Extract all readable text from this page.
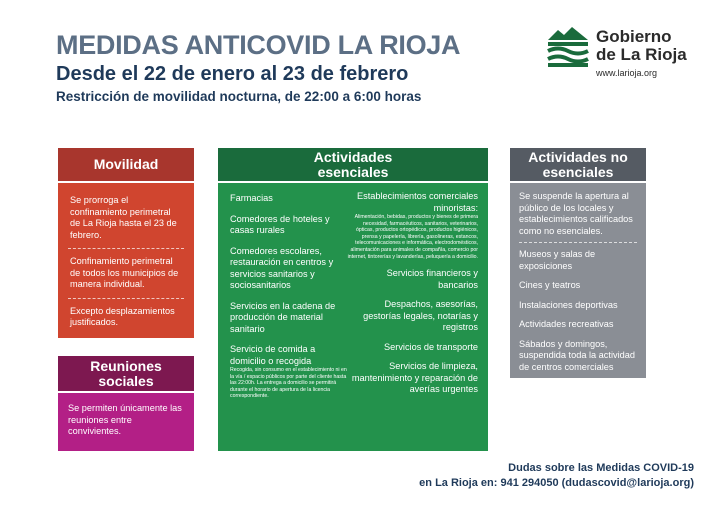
MEDIDAS ANTICOVID LA RIOJA
Desde el 22 de enero al 23 de febrero
Restricción de movilidad nocturna, de 22:00 a 6:00 horas
Gobierno
de La Rioja
www.larioja.org
Movilidad
Se prorroga el confinamiento perimetral de La Rioja hasta el 23 de febrero.
Confinamiento perimetral de todos los municipios de manera individual.
Excepto desplazamientos justificados.
Reuniones
sociales
Se permiten únicamente las reuniones entre convivientes.
Actividades
esenciales
Farmacias
Comedores de hoteles y casas rurales
Comedores escolares, restauración en centros y servicios sanitarios y sociosanitarios
Servicios en la cadena de producción de material sanitario
Servicio de comida a domicilio o recogida
Recogida, sin consumo en el establecimiento ni en la vía / espacio públicos por parte del cliente hasta las 22:00h. La entrega a domicilio se permitirá durante el horario de apertura de la licencia correspondiente.
Establecimientos comerciales minoristas:
Alimentación, bebidas, productos y bienes de primera necesidad, farmacéuticos, sanitarios, veterinarios, ópticas, productos ortopédicos, productos higiénicos, prensa y papelería, librería, gasolineras, estancos, telecomunicaciones e informática, electrodomésticos, alimentación para animales de compañía, comercio por internet, tintorerías y lavanderías, peluquería a domicilio.
Servicios financieros y bancarios
Despachos, asesorías, gestorías legales, notarías y registros
Servicios de transporte
Servicios de limpieza, mantenimiento y reparación de averías urgentes
Actividades no
esenciales
Se suspende la apertura al público de los locales y establecimientos calificados como no esenciales.
Museos y salas de exposiciones
Cines y teatros
Instalaciones deportivas
Actividades recreativas
Sábados y domingos, suspendida toda la actividad de centros comerciales
Dudas sobre las Medidas COVID-19
en La Rioja en: 941 294050 (dudascovid@larioja.org)
